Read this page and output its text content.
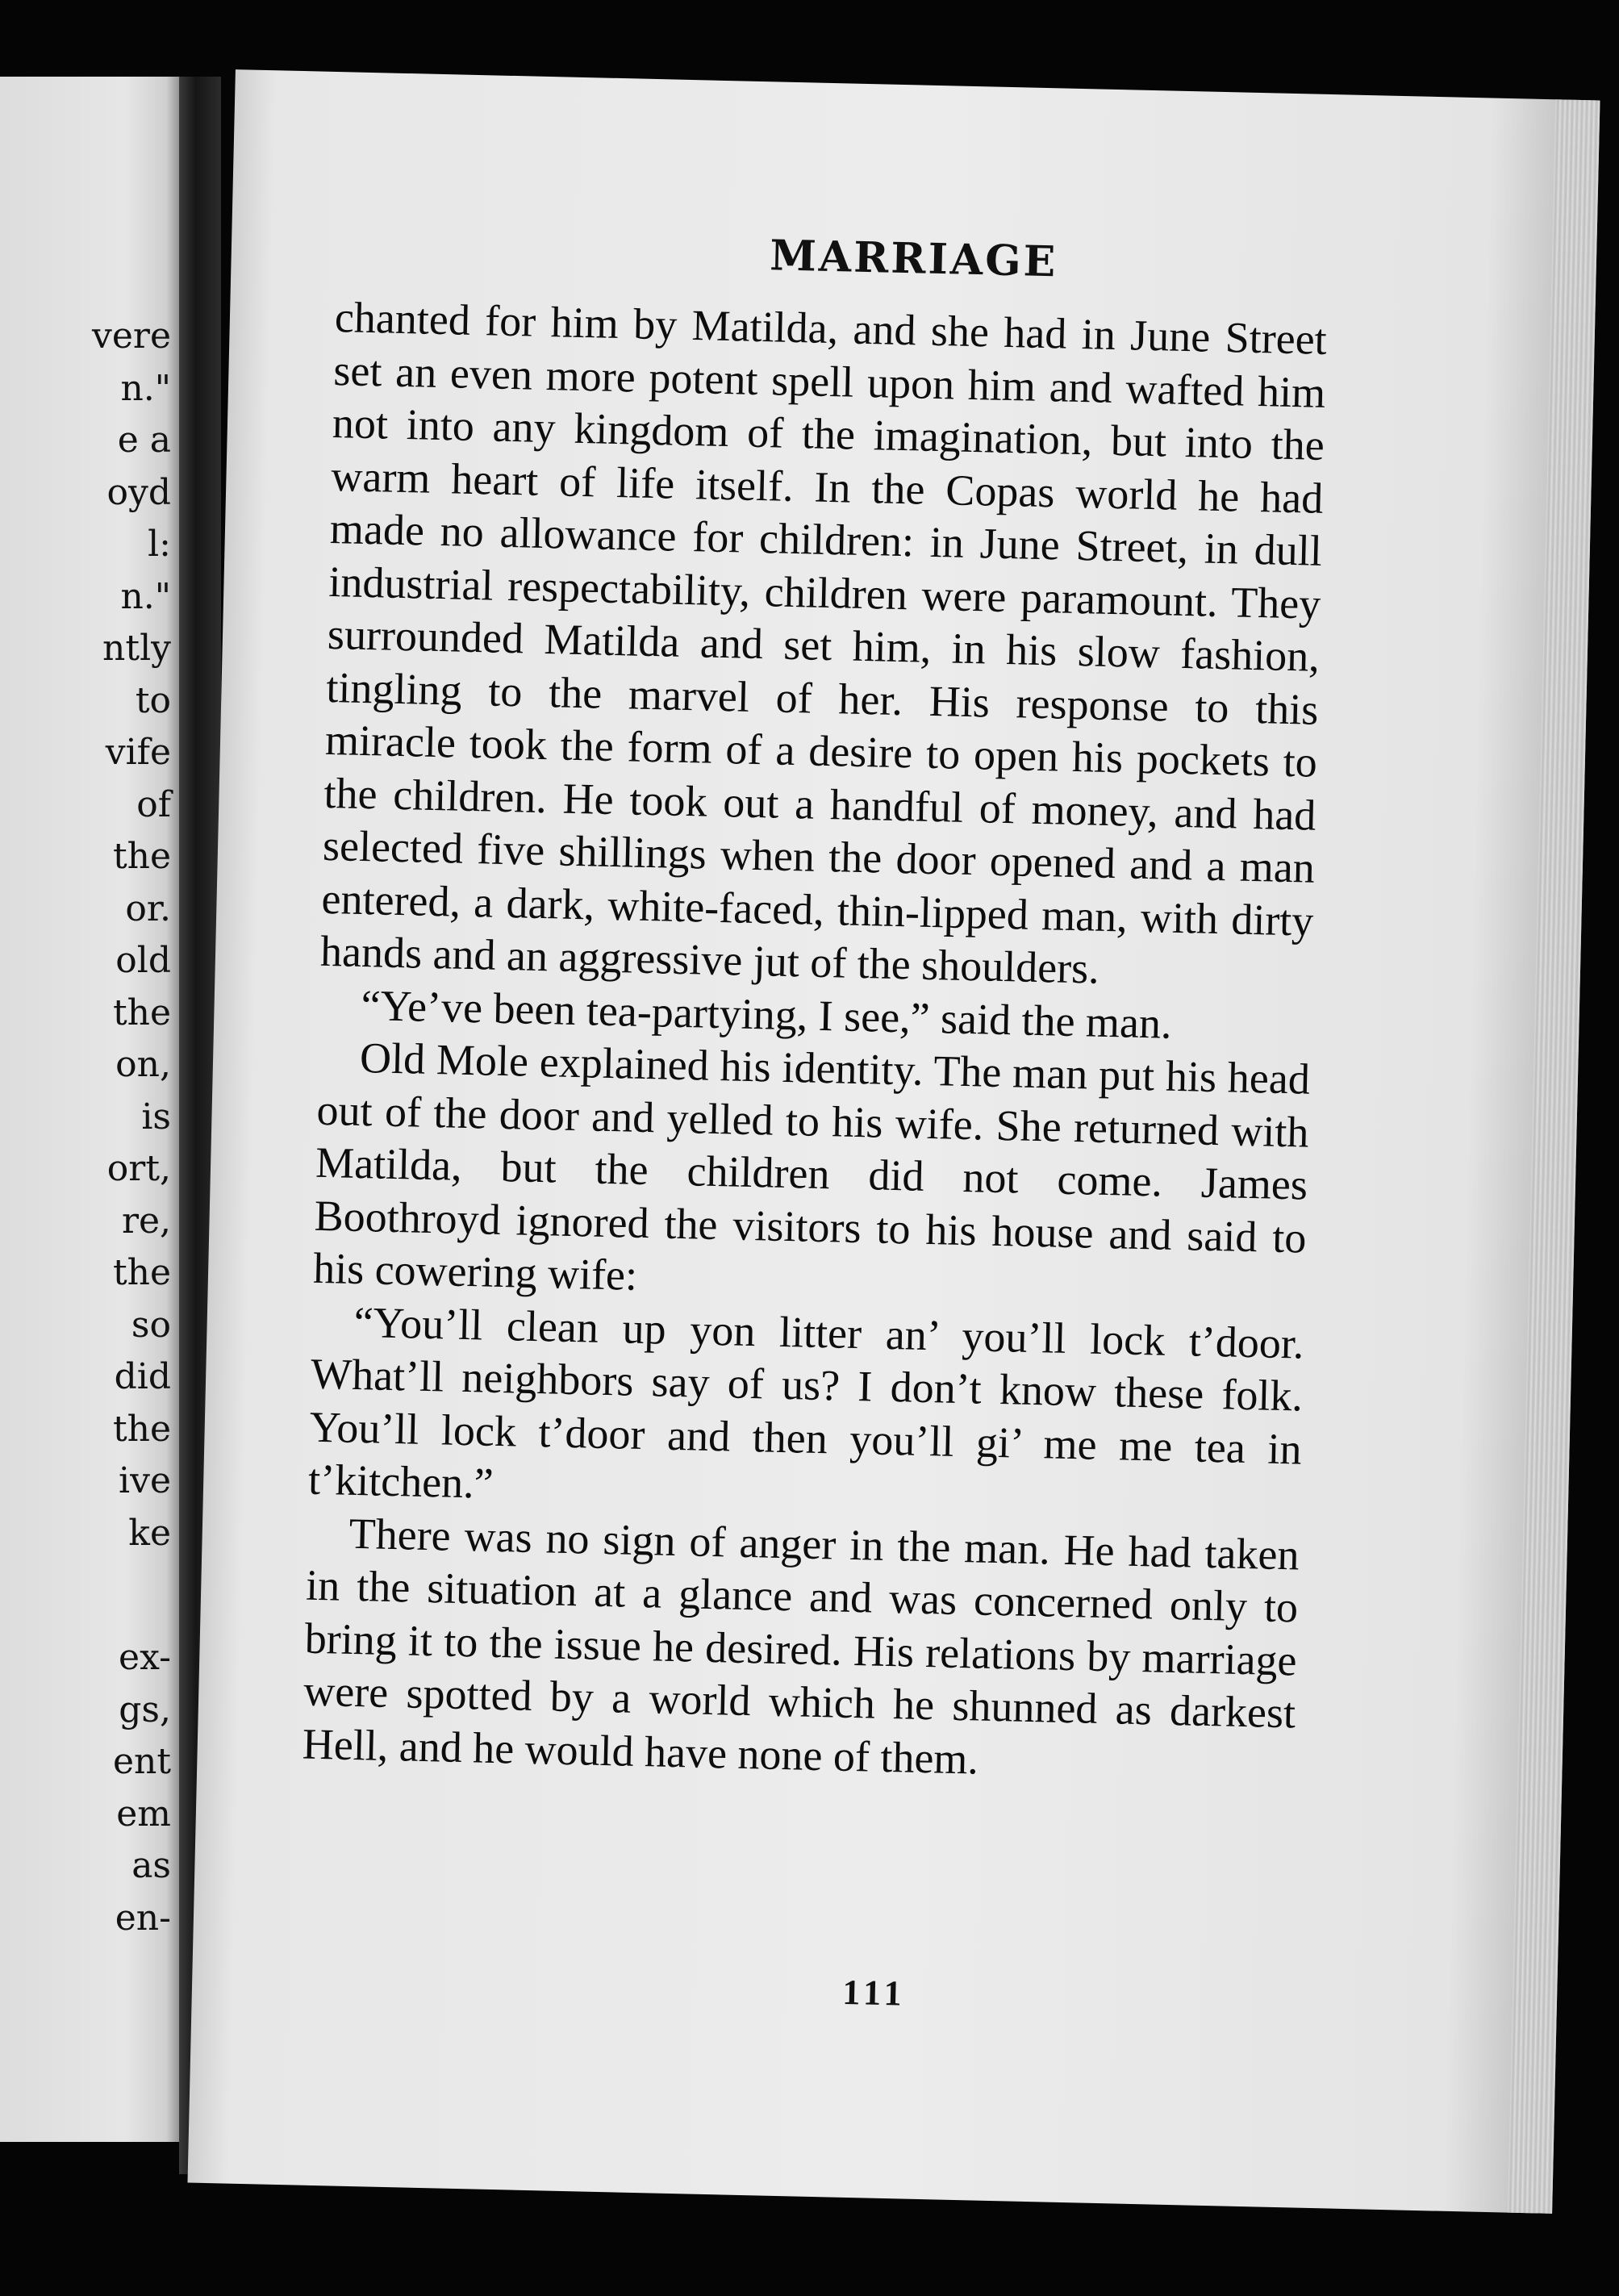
vere
n."
e a
oyd
l:
n."
ntly
to
vife
of
the
or.
old
the
on,
is
ort,
re,
the
so
did
the
ive
ke
ex-
gs,
ent
em
as
en-
MARRIAGE

chanted for him by Matilda, and she had in June Street set an even more potent spell upon him and wafted him not into any kingdom of the imagination, but into the warm heart of life itself. In the Copas world he had made no allowance for children: in June Street, in dull industrial respectability, children were paramount. They surrounded Matilda and set him, in his slow fashion, tingling to the marvel of her. His response to this miracle took the form of a desire to open his pockets to the children. He took out a handful of money, and had selected five shillings when the door opened and a man entered, a dark, white-faced, thin-lipped man, with dirty hands and an aggressive jut of the shoulders.

“Ye’ve been tea-partying, I see,” said the man.

Old Mole explained his identity. The man put his head out of the door and yelled to his wife. She returned with Matilda, but the children did not come. James Boothroyd ignored the visitors to his house and said to his cowering wife:

“You’ll clean up yon litter an’ you’ll lock t’door. What’ll neighbors say of us? I don’t know these folk. You’ll lock t’door and then you’ll gi’ me me tea in t’kitchen.”

There was no sign of anger in the man. He had taken in the situation at a glance and was concerned only to bring it to the issue he desired. His relations by marriage were spotted by a world which he shunned as darkest Hell, and he would have none of them.

111
